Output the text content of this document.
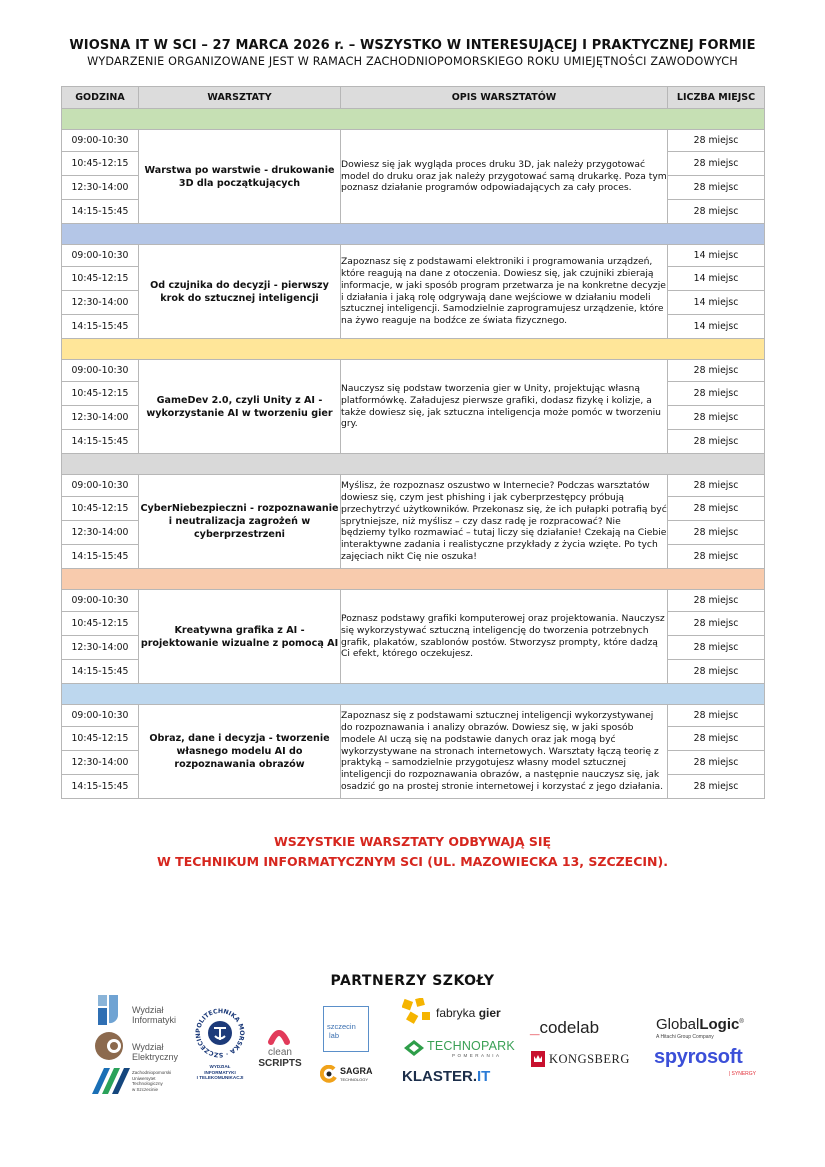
WIOSNA IT W SCI – 27 MARCA 2026 r. – WSZYSTKO W INTERESUJĄCEJ I PRAKTYCZNEJ FORMIE
WYDARZENIE ORGANIZOWANE JEST W RAMACH ZACHODNIOPOMORSKIEGO ROKU UMIEJĘTNOŚCI ZAWODOWYCH
GODZINA	WARSZTATY	OPIS WARSZTATÓW	LICZBA MIEJSC

09:00-10:30	Warstwa po warstwie - drukowanie 3D dla początkujących	Dowiesz się jak wygląda proces druku 3D, jak należy przygotować model do druku oraz jak należy przygotować samą drukarkę. Poza tym poznasz działanie programów odpowiadających za cały proces.	28 miejsc
10:45-12:15			28 miejsc
12:30-14:00			28 miejsc
14:15-15:45			28 miejsc

09:00-10:30	Od czujnika do decyzji - pierwszy krok do sztucznej inteligencji	Zapoznasz się z podstawami elektroniki i programowania urządzeń, które reagują na dane z otoczenia. Dowiesz się, jak czujniki zbierają informacje, w jaki sposób program przetwarza je na konkretne decyzje i działania i jaką rolę odgrywają dane wejściowe w działaniu modeli sztucznej inteligencji. Samodzielnie zaprogramujesz urządzenie, które na żywo reaguje na bodźce ze świata fizycznego.	14 miejsc
10:45-12:15			14 miejsc
12:30-14:00			14 miejsc
14:15-15:45			14 miejsc

09:00-10:30	GameDev 2.0, czyli Unity z AI - wykorzystanie AI w tworzeniu gier	Nauczysz się podstaw tworzenia gier w Unity, projektując własną platformówkę. Załadujesz pierwsze grafiki, dodasz fizykę i kolizje, a także dowiesz się, jak sztuczna inteligencja może pomóc w tworzeniu gry.	28 miejsc
10:45-12:15			28 miejsc
12:30-14:00			28 miejsc
14:15-15:45			28 miejsc

09:00-10:30	CyberNiebezpieczni - rozpoznawanie i neutralizacja zagrożeń w cyberprzestrzeni	Myślisz, że rozpoznasz oszustwo w Internecie? Podczas warsztatów dowiesz się, czym jest phishing i jak cyberprzestępcy próbują przechytrzyć użytkowników. Przekonasz się, że ich pułapki potrafią być sprytniejsze, niż myślisz – czy dasz radę je rozpracować? Nie będziemy tylko rozmawiać – tutaj liczy się działanie! Czekają na Ciebie interaktywne zadania i realistyczne przykłady z życia wzięte. Po tych zajęciach nikt Cię nie oszuka!	28 miejsc
10:45-12:15			28 miejsc
12:30-14:00			28 miejsc
14:15-15:45			28 miejsc

09:00-10:30	Kreatywna grafika z AI - projektowanie wizualne z pomocą AI	Poznasz podstawy grafiki komputerowej oraz projektowania. Nauczysz się wykorzystywać sztuczną inteligencję do tworzenia potrzebnych grafik, plakatów, szablonów postów. Stworzysz prompty, które dadzą Ci efekt, którego oczekujesz.	28 miejsc
10:45-12:15			28 miejsc
12:30-14:00			28 miejsc
14:15-15:45			28 miejsc

09:00-10:30	Obraz, dane i decyzja - tworzenie własnego modelu AI do rozpoznawania obrazów	Zapoznasz się z podstawami sztucznej inteligencji wykorzystywanej do rozpoznawania i analizy obrazów. Dowiesz się, w jaki sposób modele AI uczą się na podstawie danych oraz jak mogą być wykorzystywane na stronach internetowych. Warsztaty łączą teorię z praktyką – samodzielnie przygotujesz własny model sztucznej inteligencji do rozpoznawania obrazów, a następnie nauczysz się, jak osadzić go na prostej stronie internetowej i korzystać z jego działania.	28 miejsc
10:45-12:15			28 miejsc
12:30-14:00			28 miejsc
14:15-15:45			28 miejsc
WSZYSTKIE WARSZTATY ODBYWAJĄ SIĘ
W TECHNIKUM INFORMATYCZNYM SCI (UL. MAZOWIECKA 13, SZCZECIN).
PARTNERZY SZKOŁY
Wydział
Informatyki
Wydział
Elektryczny
Zachodniopomorski
Uniwersytet
Technologiczny
w Szczecinie
POLITECHNIKA MORSKA · SZCZECIN
WYDZIAŁ
INFORMATYKI
I TELEKOMUNIKACJI
clean
SCRIPTS
szczecin
lab
SAGRA
TECHNOLOGY
fabryka gier
TECHNOPARK
POMERANIA
KLASTER.IT
_codelab
KONGSBERG
GlobalLogic®
A Hitachi Group Company
spyrosoft
| SYNERGY
